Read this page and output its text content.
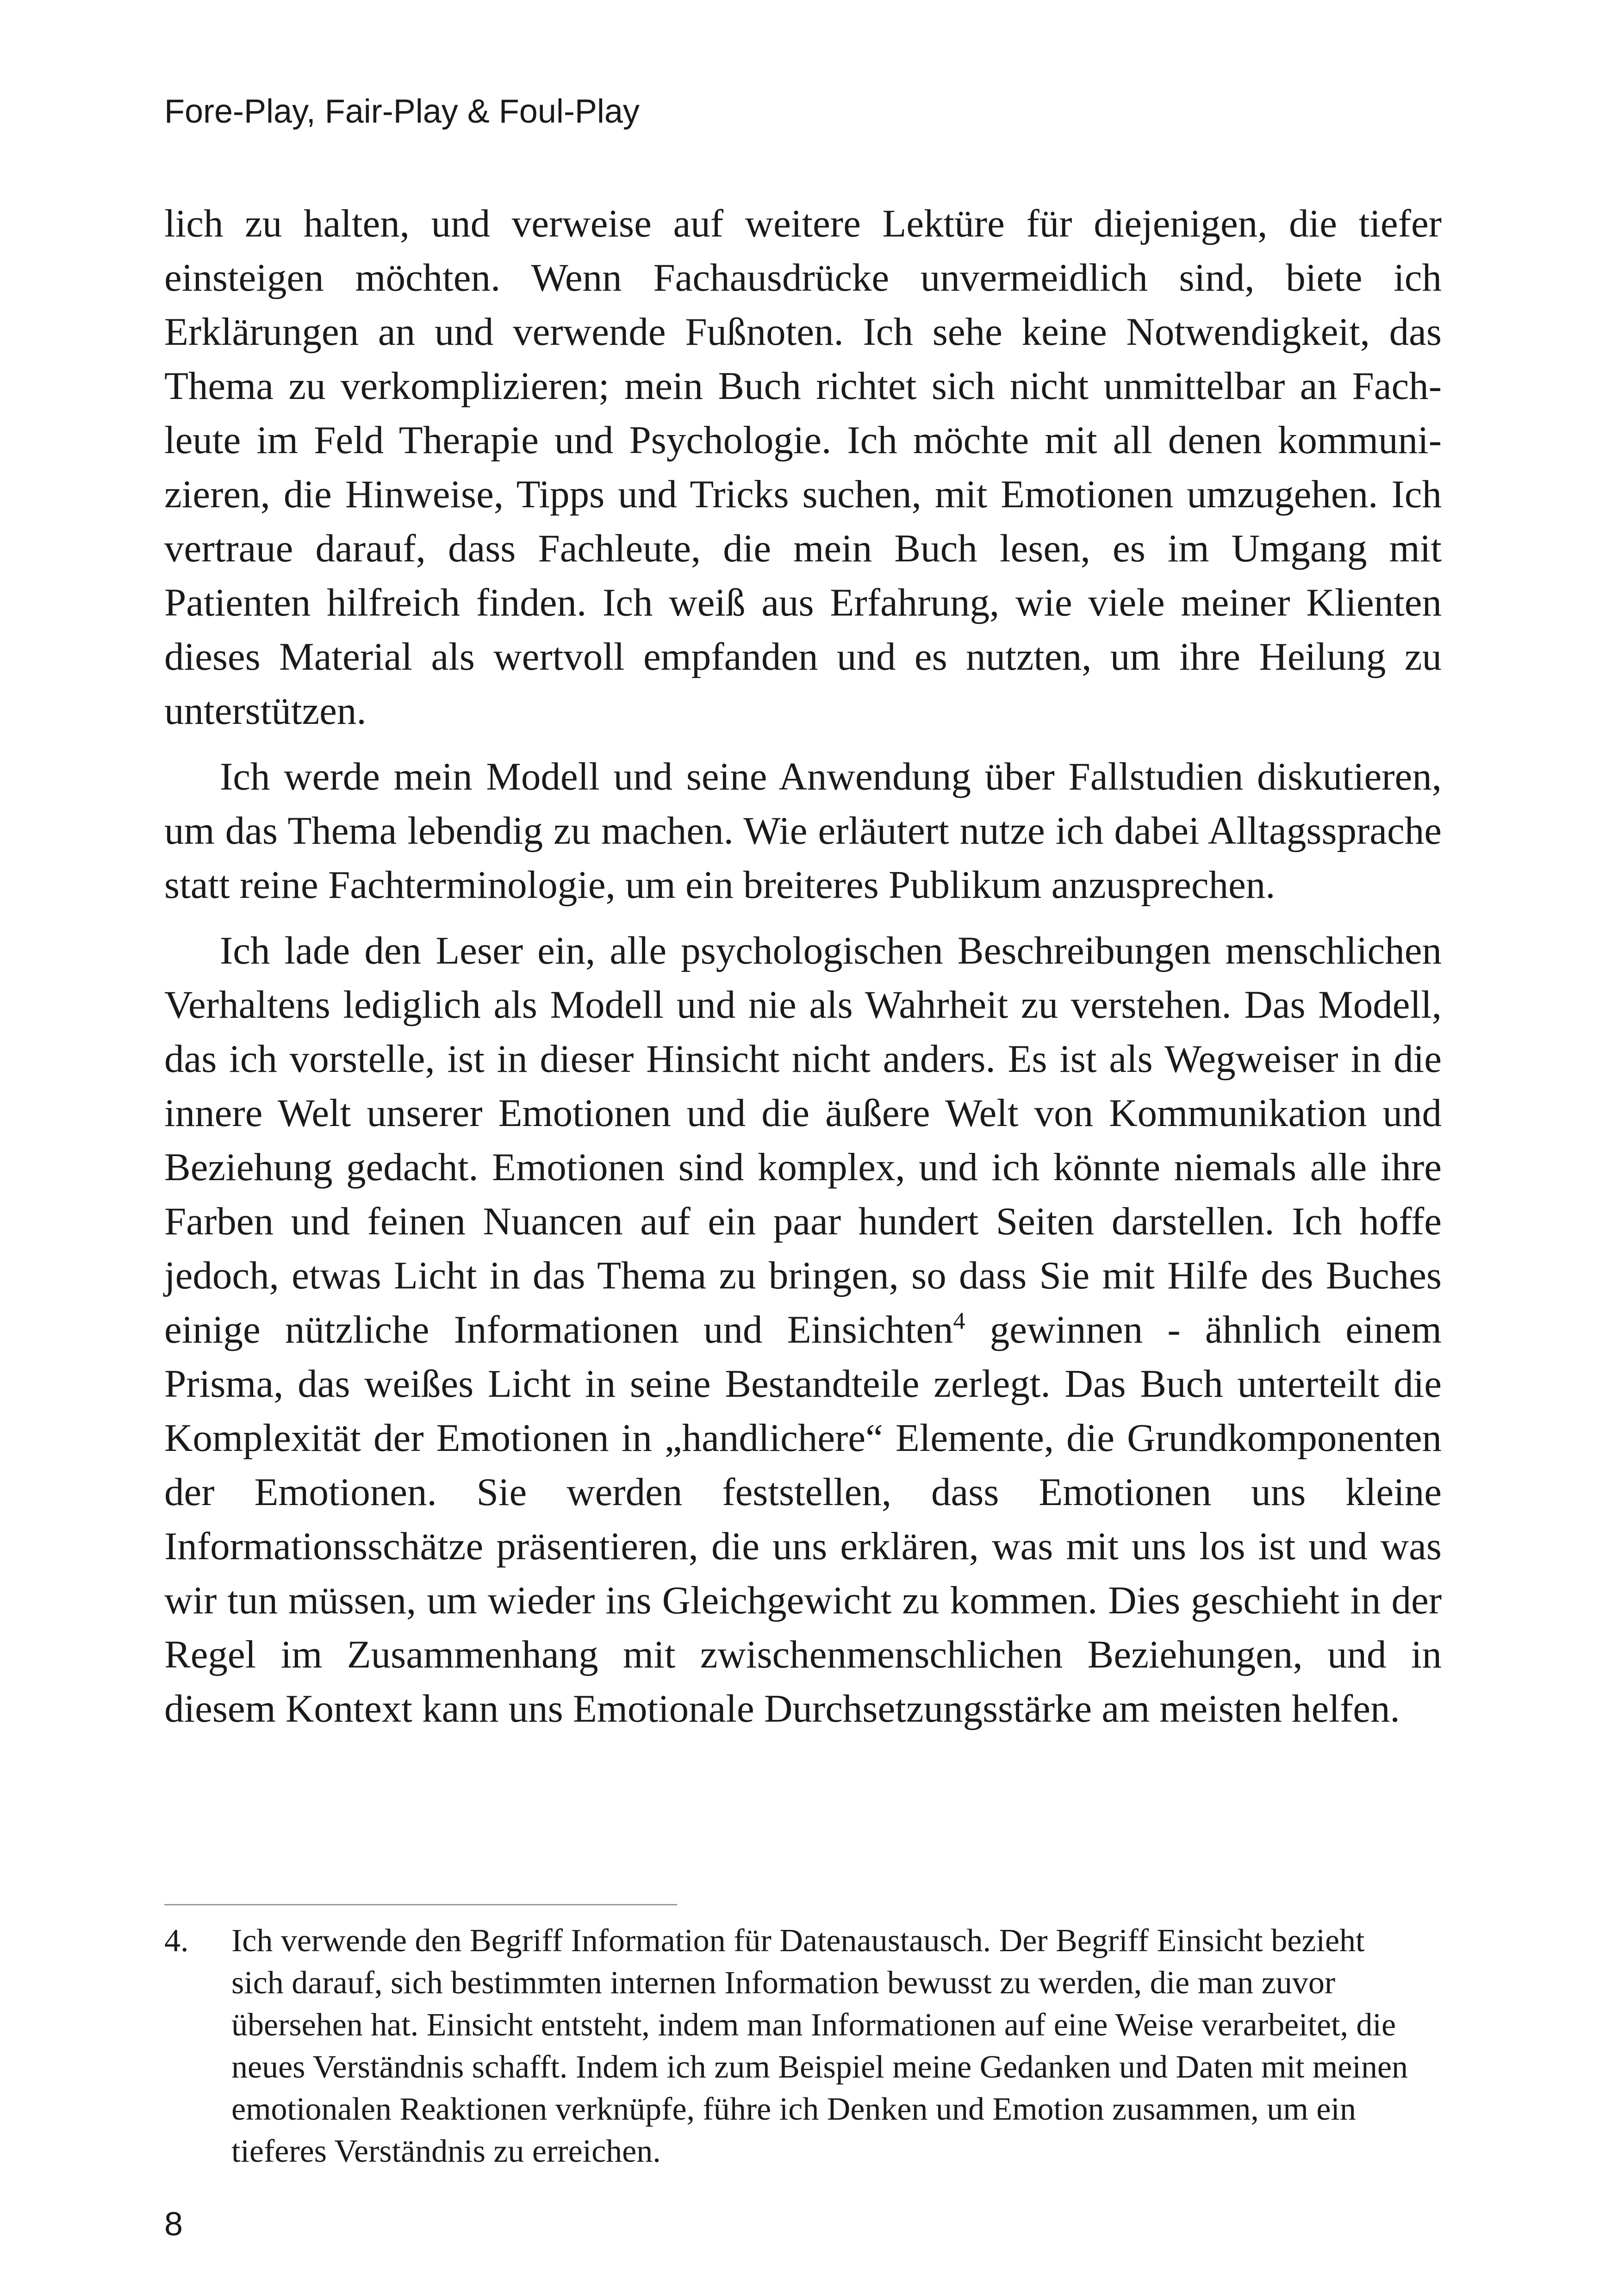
Fore-Play, Fair-Play & Foul-Play

lich zu halten, und verweise auf weitere Lektüre für diejenigen, die tiefer einsteigen möchten. Wenn Fachausdrücke unvermeidlich sind, biete ich Erklärungen an und verwende Fußnoten. Ich sehe keine Notwendigkeit, das Thema zu verkomplizieren; mein Buch richtet sich nicht unmittelbar an Fachleute im Feld Therapie und Psychologie. Ich möchte mit all denen kommunizieren, die Hinweise, Tipps und Tricks suchen, mit Emotionen umzugehen. Ich vertraue darauf, dass Fachleute, die mein Buch lesen, es im Umgang mit Patienten hilfreich finden. Ich weiß aus Erfahrung, wie viele meiner Klienten dieses Material als wertvoll empfanden und es nutzten, um ihre Heilung zu unterstützen.

Ich werde mein Modell und seine Anwendung über Fallstudien diskutieren, um das Thema lebendig zu machen. Wie erläutert nutze ich dabei Alltagssprache statt reine Fachterminologie, um ein breiteres Publikum anzusprechen.

Ich lade den Leser ein, alle psychologischen Beschreibungen menschlichen Verhaltens lediglich als Modell und nie als Wahrheit zu verstehen. Das Modell, das ich vorstelle, ist in dieser Hinsicht nicht anders. Es ist als Wegweiser in die innere Welt unserer Emotionen und die äußere Welt von Kommunikation und Beziehung gedacht. Emotionen sind komplex, und ich könnte niemals alle ihre Farben und feinen Nuancen auf ein paar hundert Seiten darstellen. Ich hoffe jedoch, etwas Licht in das Thema zu bringen, so dass Sie mit Hilfe des Buches einige nützliche Informationen und Einsichten$^4$ gewinnen - ähnlich einem Prisma, das weißes Licht in seine Bestandteile zerlegt. Das Buch unterteilt die Komplexität der Emotionen in „handlichere“ Elemente, die Grundkomponenten der Emotionen. Sie werden feststellen, dass Emotionen uns kleine Informationsschätze präsentieren, die uns erklären, was mit uns los ist und was wir tun müssen, um wieder ins Gleichgewicht zu kommen. Dies geschieht in der Regel im Zusammenhang mit zwischenmenschlichen Beziehungen, und in diesem Kontext kann uns Emotionale Durchsetzungsstärke am meisten helfen.

4. Ich verwende den Begriff Information für Datenaustausch. Der Begriff Einsicht bezieht sich darauf, sich bestimmten internen Information bewusst zu werden, die man zuvor übersehen hat. Einsicht entsteht, indem man Informationen auf eine Weise verarbeitet, die neues Verständnis schafft. Indem ich zum Beispiel meine Gedanken und Daten mit meinen emotionalen Reaktionen verknüpfe, führe ich Denken und Emotion zusammen, um ein tieferes Verständnis zu erreichen.
8
